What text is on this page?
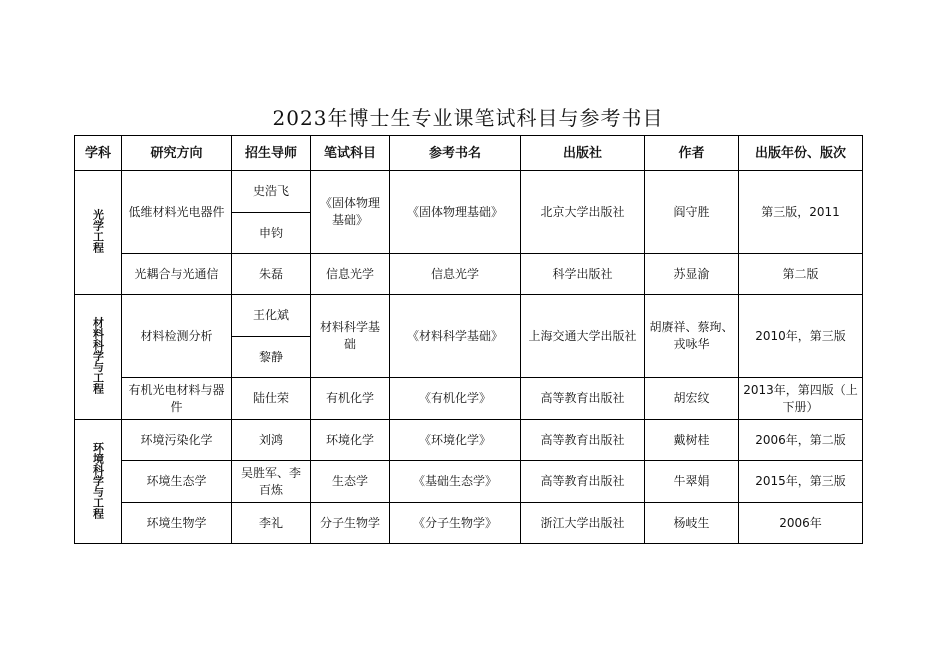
2023年博士生专业课笔试科目与参考书目
学科	研究方向	招生导师	笔试科目	参考书名	出版社	作者	出版年份、版次
光学工程	低维材料光电器件	史浩飞	《固体物理基础》	《固体物理基础》	北京大学出版社	阎守胜	第三版，2011
		申钧					
	光耦合与光通信	朱磊	信息光学	信息光学	科学出版社	苏显渝	第二版
材料科学与工程	材料检测分析	王化斌	材料科学基础	《材料科学基础》	上海交通大学出版社	胡赓祥、蔡珣、戎咏华	2010年，第三版
		黎静					
	有机光电材料与器件	陆仕荣	有机化学	《有机化学》	高等教育出版社	胡宏纹	2013年，第四版（上下册）
环境科学与工程	环境污染化学	刘鸿	环境化学	《环境化学》	高等教育出版社	戴树桂	2006年，第二版
	环境生态学	吴胜军、李百炼	生态学	《基础生态学》	高等教育出版社	牛翠娟	2015年，第三版
	环境生物学	李礼	分子生物学	《分子生物学》	浙江大学出版社	杨岐生	2006年
